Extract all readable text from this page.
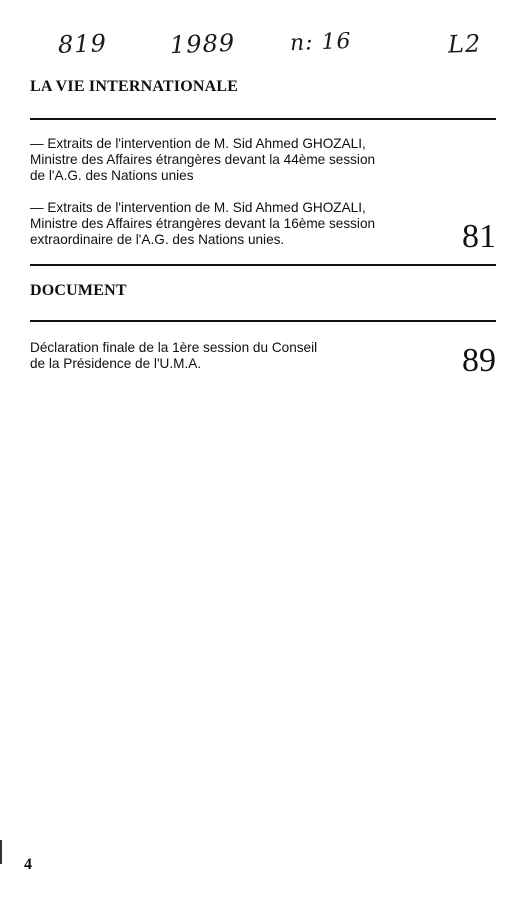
819	1989 n: 16	L2
LA VIE INTERNATIONALE
— Extraits de l'intervention de M. Sid Ahmed GHOZALI,
Ministre des Affaires étrangères devant la 44ème session
de l'A.G. des Nations unies
— Extraits de l'intervention de M. Sid Ahmed GHOZALI,
Ministre des Affaires étrangères devant la 16ème session
extraordinaire de l'A.G. des Nations unies.	81
DOCUMENT
Déclaration finale de la 1ère session du Conseil
de la Présidence de l'U.M.A.	89
4
